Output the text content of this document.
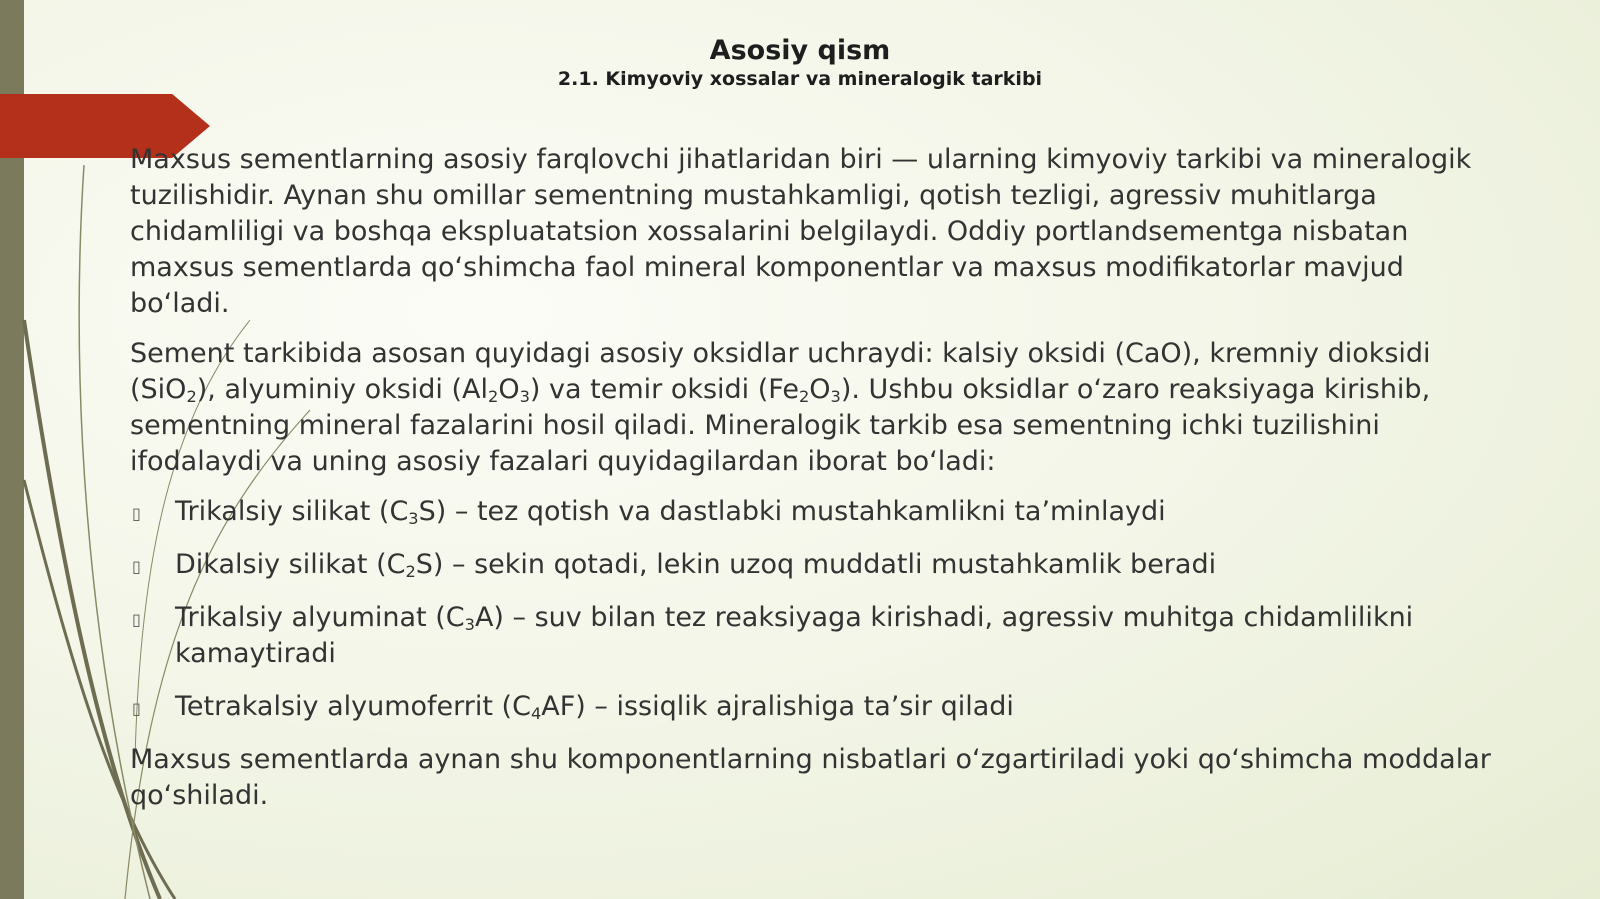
Asosiy qism
2.1. Kimyoviy xossalar va mineralogik tarkibi

Maxsus sementlarning asosiy farqlovchi jihatlaridan biri — ularning kimyoviy tarkibi va mineralogik tuzilishidir. Aynan shu omillar sementning mustahkamligi, qotish tezligi, agressiv muhitlarga chidamliligi va boshqa ekspluatatsion xossalarini belgilaydi. Oddiy portlandsementga nisbatan maxsus sementlarda qo‘shimcha faol mineral komponentlar va maxsus modifikatorlar mavjud bo‘ladi.

Sement tarkibida asosan quyidagi asosiy oksidlar uchraydi: kalsiy oksidi (CaO), kremniy dioksidi (SiO$_2$), alyuminiy oksidi $(Al_2O_3)$ va temir oksidi $(Fe_2O_3)$. Ushbu oksidlar o‘zaro reaksiyaga kirishib, sementning mineral fazalarini hosil qiladi. Mineralogik tarkib esa sementning ichki tuzilishini ifodalaydi va uning asosiy fazalari quyidagilardan iborat bo‘ladi:

▯ Trikalsiy silikat $(C_3S)$ – tez qotish va dastlabki mustahkamlikni ta’minlaydi
▯ Dikalsiy silikat $(C_2S)$ – sekin qotadi, lekin uzoq muddatli mustahkamlik beradi
▯ Trikalsiy alyuminat $(C_3A)$ – suv bilan tez reaksiyaga kirishadi, agressiv muhitga chidamlilikni kamaytiradi
▯ Tetrakalsiy alyumoferrit $(C_4AF)$ – issiqlik ajralishiga ta’sir qiladi

Maxsus sementlarda aynan shu komponentlarning nisbatlari o‘zgartiriladi yoki qo‘shimcha moddalar qo‘shiladi.
